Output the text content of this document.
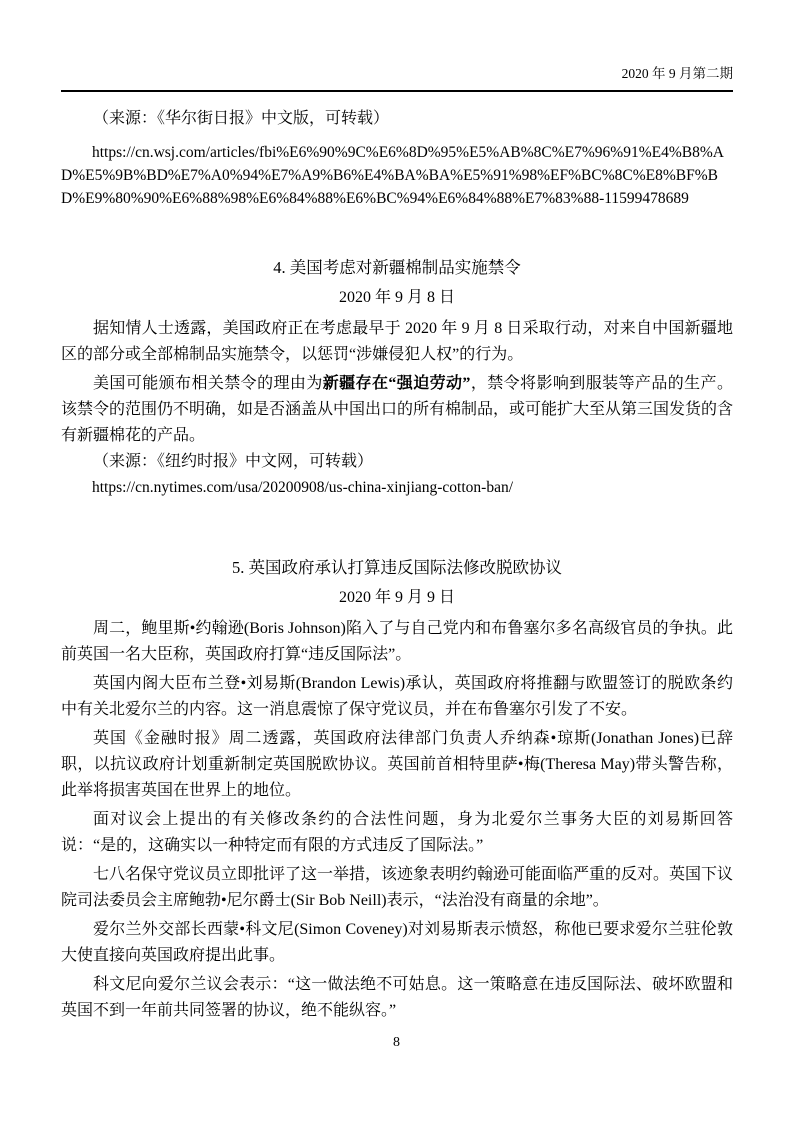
2020 年 9 月第二期

（来源：《华尔街日报》中文版，可转载）

https://cn.wsj.com/articles/fbi%E6%90%9C%E6%8D%95%E5%AB%8C%E7%96%91%E4%B8%AD%E5%9B%BD%E7%A0%94%E7%A9%B6%E4%BA%BA%E5%91%98%EF%BC%8C%E8%BF%BD%E9%80%90%E6%88%98%E6%84%88%E6%BC%94%E6%84%88%E7%83%88-11599478689

4. 美国考虑对新疆棉制品实施禁令
2020 年 9 月 8 日

据知情人士透露，美国政府正在考虑最早于 2020 年 9 月 8 日采取行动，对来自中国新疆地区的部分或全部棉制品实施禁令，以惩罚“涉嫌侵犯人权”的行为。

美国可能颁布相关禁令的理由为新疆存在“强迫劳动”，禁令将影响到服装等产品的生产。该禁令的范围仍不明确，如是否涵盖从中国出口的所有棉制品，或可能扩大至从第三国发货的含有新疆棉花的产品。

（来源：《纽约时报》中文网，可转载）

https://cn.nytimes.com/usa/20200908/us-china-xinjiang-cotton-ban/

5. 英国政府承认打算违反国际法修改脱欧协议
2020 年 9 月 9 日

周二，鲍里斯•约翰逊(Boris Johnson)陷入了与自己党内和布鲁塞尔多名高级官员的争执。此前英国一名大臣称，英国政府打算“违反国际法”。

英国内阁大臣布兰登•刘易斯(Brandon Lewis)承认，英国政府将推翻与欧盟签订的脱欧条约中有关北爱尔兰的内容。这一消息震惊了保守党议员，并在布鲁塞尔引发了不安。

英国《金融时报》周二透露，英国政府法律部门负责人乔纳森•琼斯(Jonathan Jones)已辞职，以抗议政府计划重新制定英国脱欧协议。英国前首相特里萨•梅(Theresa May)带头警告称，此举将损害英国在世界上的地位。

面对议会上提出的有关修改条约的合法性问题，身为北爱尔兰事务大臣的刘易斯回答说：“是的，这确实以一种特定而有限的方式违反了国际法。”

七八名保守党议员立即批评了这一举措，该迹象表明约翰逊可能面临严重的反对。英国下议院司法委员会主席鲍勃•尼尔爵士(Sir Bob Neill)表示，“法治没有商量的余地”。

爱尔兰外交部长西蒙•科文尼(Simon Coveney)对刘易斯表示愤怒，称他已要求爱尔兰驻伦敦大使直接向英国政府提出此事。

科文尼向爱尔兰议会表示：“这一做法绝不可姑息。这一策略意在违反国际法、破坏欧盟和英国不到一年前共同签署的协议，绝不能纵容。”

8
